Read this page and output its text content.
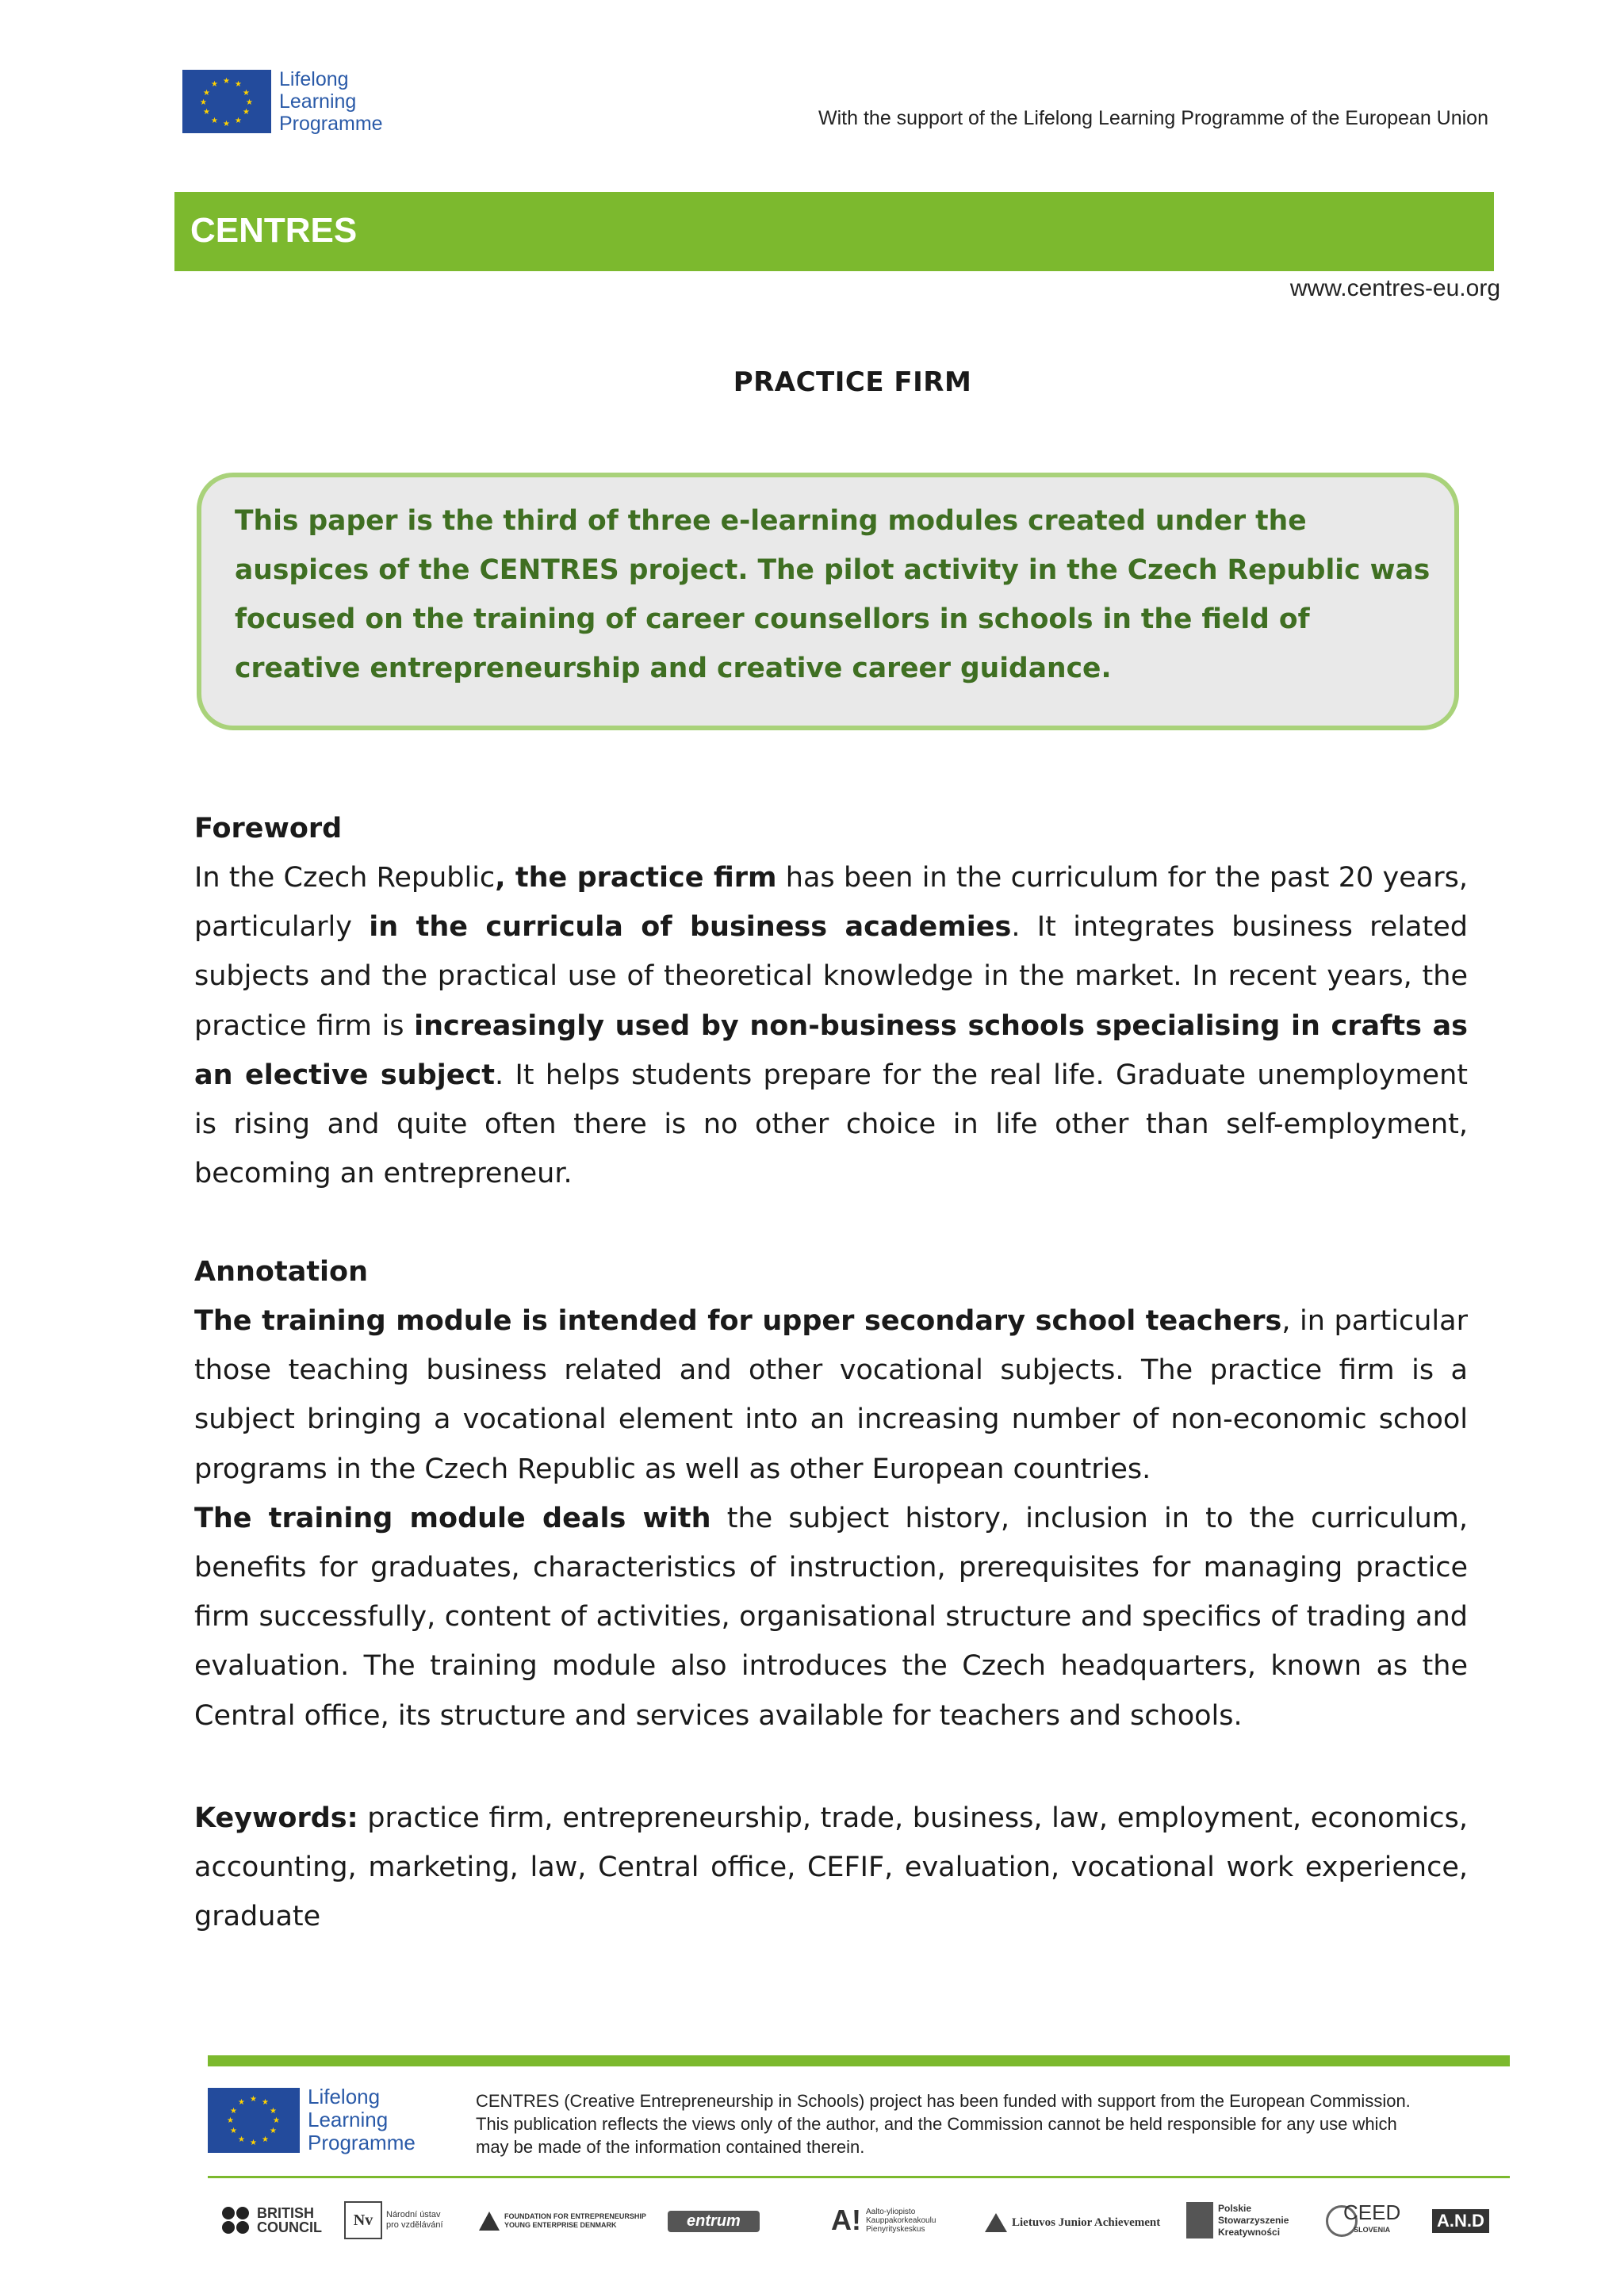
★ ★
★
★
★
★
★
★
★
★
★
★	Lifelong
Learning
Programme	With the support of the Lifelong Learning Programme of the European Union
CENTRES
www.centres-eu.org
PRACTICE FIRM
This paper is the third of three e-learning modules created under the auspices of the CENTRES project. The pilot activity in the Czech Republic was focused on the training of career counsellors in schools in the field of creative entrepreneurship and creative career guidance.
Foreword

In the Czech Republic, the practice firm has been in the curriculum for the past 20 years, particularly in the curricula of business academies. It integrates business related subjects and the practical use of theoretical knowledge in the market. In recent years, the practice firm is increasingly used by non-business schools specialising in crafts as an elective subject. It helps students prepare for the real life. Graduate unemployment is rising and quite often there is no other choice in life other than self-employment, becoming an entrepreneur.

Annotation

The training module is intended for upper secondary school teachers, in particular those teaching business related and other vocational subjects. The practice firm is a subject bringing a vocational element into an increasing number of non-economic school programs in the Czech Republic as well as other European countries.

The training module deals with the subject history, inclusion in to the curriculum, benefits for graduates, characteristics of instruction, prerequisites for managing practice firm successfully, content of activities, organisational structure and specifics of trading and evaluation. The training module also introduces the Czech headquarters, known as the Central office, its structure and services available for teachers and schools.

Keywords: practice firm, entrepreneurship, trade, business, law, employment, economics, accounting, marketing, law, Central office, CEFIF, evaluation, vocational work experience, graduate

★ ★
★
★
★
★
★
★
★
★
★
★	Lifelong
Learning
Programme
CENTRES (Creative Entrepreneurship in Schools) project has been funded with support from the European Commission.
This publication reflects the views only of the author, and the Commission cannot be held responsible for any use which
may be made of the information contained therein.
BRITISH
COUNCIL	Nv	Národní ústav
pro vzdělávání
FOUNDATION FOR ENTREPRENEURSHIP
YOUNG ENTERPRISE DENMARK	entrum	A! Aalto-yliopisto
Kauppakorkeakoulu
Pienyrityskeskus
Lietuvos Junior Achievement
Polskie
Stowarzyszenie
Kreatywności
CEED
SLOVENIA	A.N.D
